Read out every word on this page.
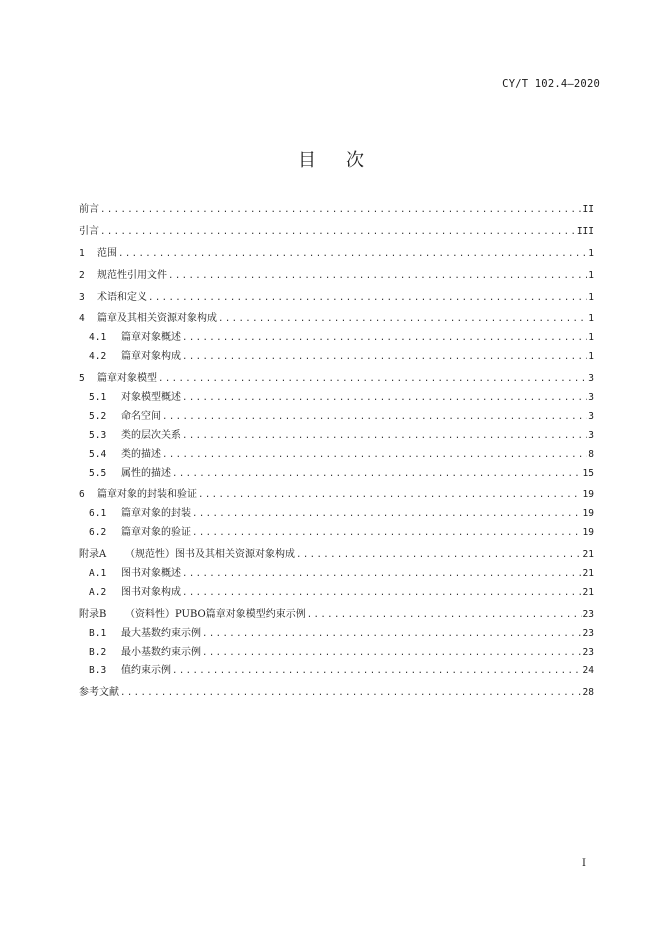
CY/T 102.4—2020
目次
前言 .....	II
引言 .....	III
1	范围 .....	1
2	规范性引用文件 .....	1
3	术语和定义 .....	1
4	篇章及其相关资源对象构成 .....	1
4.1	篇章对象概述 .....	1
4.2	篇章对象构成 .....	1
5	篇章对象模型 .....	3
5.1	对象模型概述 .....	3
5.2	命名空间 .....	3
5.3	类的层次关系 .....	3
5.4	类的描述 .....	8
5.5	属性的描述 .....	15
6	篇章对象的封装和验证 .....	19
6.1	篇章对象的封装 .....	19
6.2	篇章对象的验证 .....	19
附录A	（规范性）图书及其相关资源对象构成 .....	21
A.1	图书对象概述 .....	21
A.2	图书对象构成 .....	21
附录B	（资料性）PUBO篇章对象模型约束示例 .....	23
B.1	最大基数约束示例 .....	23
B.2	最小基数约束示例 .....	23
B.3	值约束示例 .....	24
参考文献 .....	28
I
